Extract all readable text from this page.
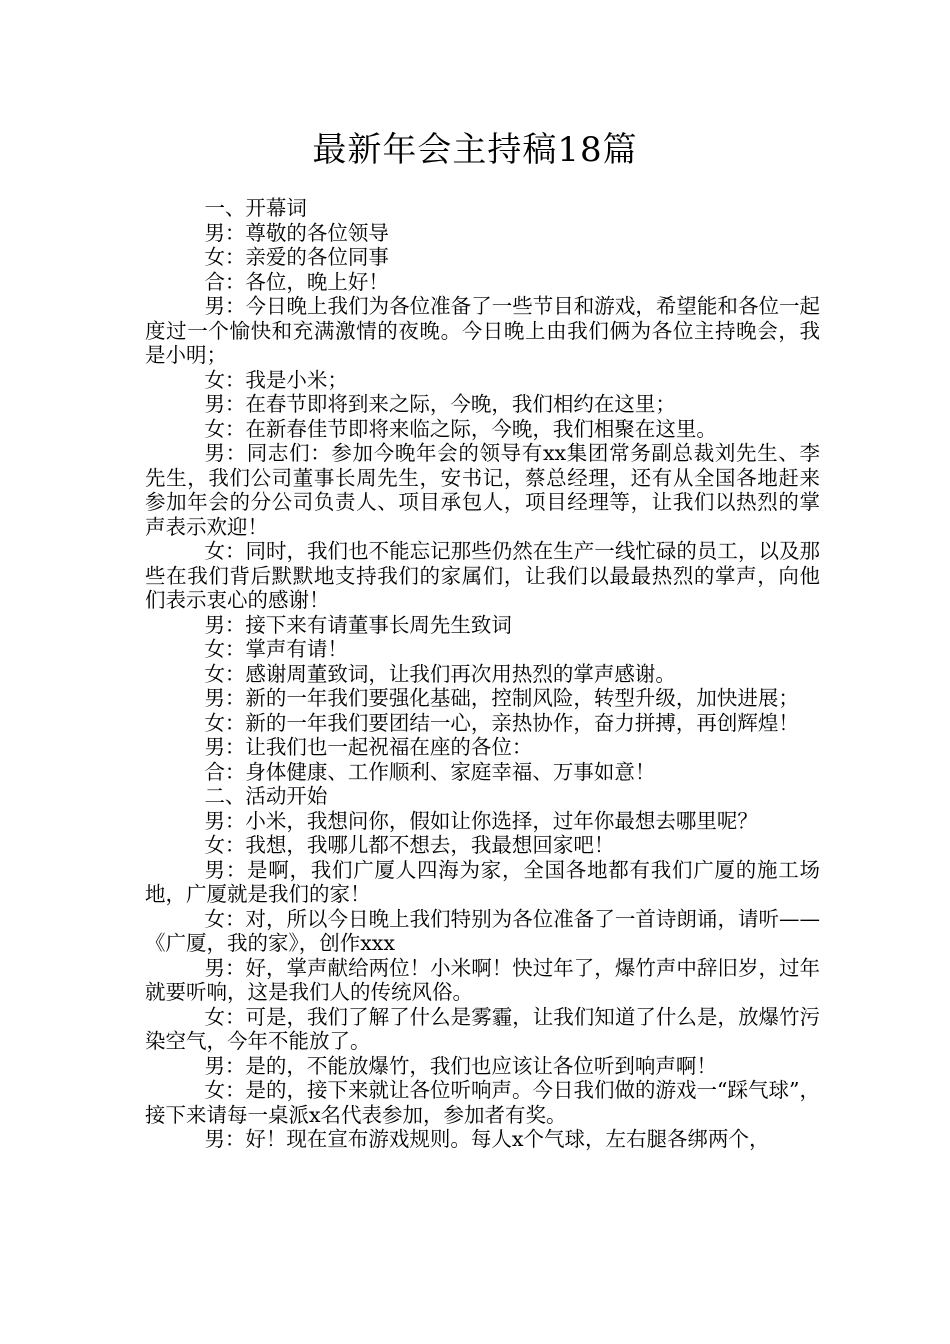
最新年会主持稿18篇

一、开幕词

男：尊敬的各位领导

女：亲爱的各位同事

合：各位，晚上好！

男：今日晚上我们为各位准备了一些节目和游戏，希望能和各位一起度过一个愉快和充满激情的夜晚。今日晚上由我们俩为各位主持晚会，我是小明；

女：我是小米；

男：在春节即将到来之际，今晚，我们相约在这里；

女：在新春佳节即将来临之际，今晚，我们相聚在这里。

男：同志们：参加今晚年会的领导有xx集团常务副总裁刘先生、李先生，我们公司董事长周先生，安书记，蔡总经理，还有从全国各地赶来参加年会的分公司负责人、项目承包人，项目经理等，让我们以热烈的掌声表示欢迎！

女：同时，我们也不能忘记那些仍然在生产一线忙碌的员工，以及那些在我们背后默默地支持我们的家属们，让我们以最最热烈的掌声，向他们表示衷心的感谢！

男：接下来有请董事长周先生致词

女：掌声有请！

女：感谢周董致词，让我们再次用热烈的掌声感谢。

男：新的一年我们要强化基础，控制风险，转型升级，加快进展；

女：新的一年我们要团结一心，亲热协作，奋力拼搏，再创辉煌！

男：让我们也一起祝福在座的各位：

合：身体健康、工作顺利、家庭幸福、万事如意！

二、活动开始

男：小米，我想问你，假如让你选择，过年你最想去哪里呢？

女：我想，我哪儿都不想去，我最想回家吧！

男：是啊，我们广厦人四海为家，全国各地都有我们广厦的施工场地，广厦就是我们的家！

女：对，所以今日晚上我们特别为各位准备了一首诗朗诵，请听——《广厦，我的家》，创作xxx

男：好，掌声献给两位！小米啊！快过年了，爆竹声中辞旧岁，过年就要听响，这是我们人的传统风俗。

女：可是，我们了解了什么是雾霾，让我们知道了什么是，放爆竹污染空气，今年不能放了。

男：是的，不能放爆竹，我们也应该让各位听到响声啊！

女：是的，接下来就让各位听响声。今日我们做的游戏一“踩气球”，接下来请每一桌派x名代表参加，参加者有奖。

男：好！现在宣布游戏规则。每人x个气球，左右腿各绑两个，
